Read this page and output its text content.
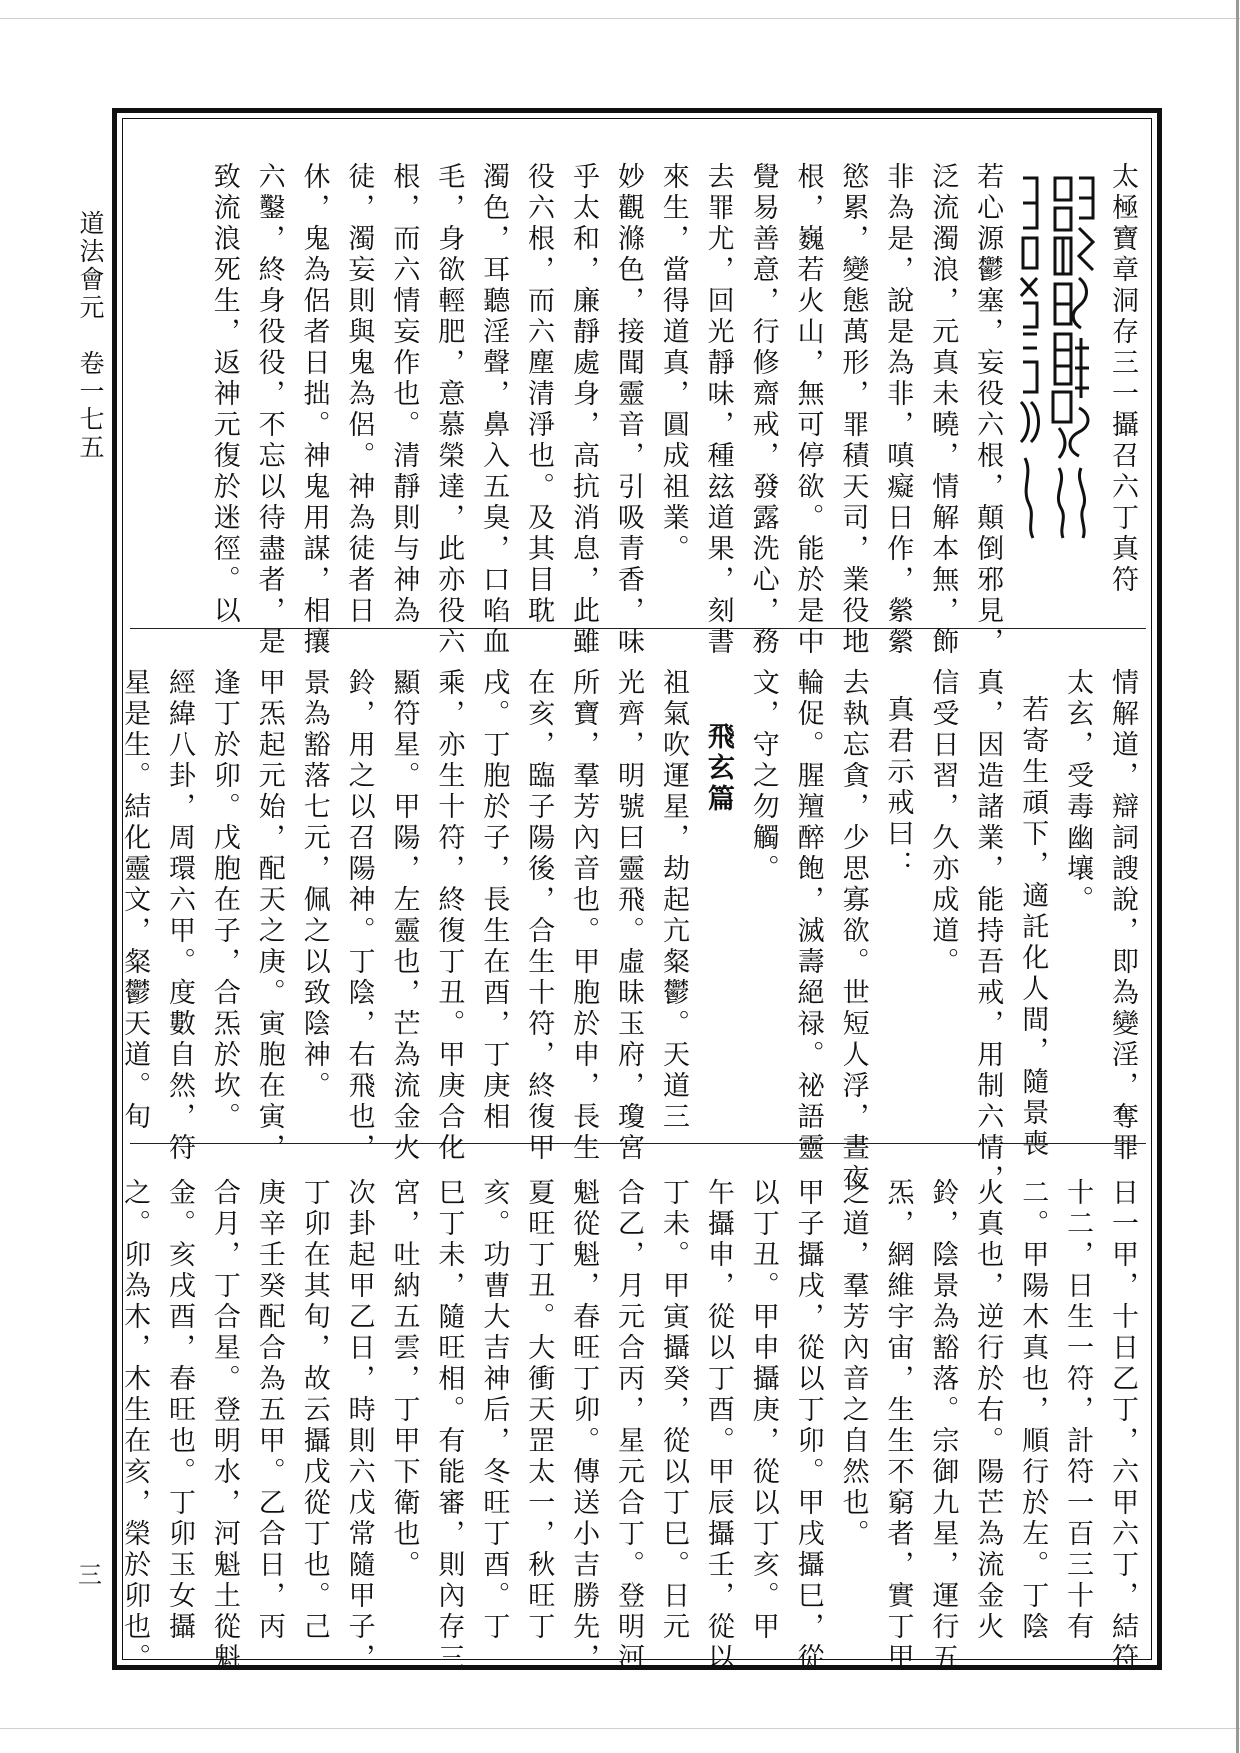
道法會元　卷一七五
三
太極寶章洞存三一攝召六丁真符
若心源鬱塞，妄役六根，顛倒邪見，
泛流濁浪，元真未曉，情解本無，飾
非為是，說是為非，嗔癡日作，縈縈
慾累，變態萬形，罪積天司，業役地
根，巍若火山，無可停欲。能於是中
覺易善意，行修齋戒，發露洗心，務
去罪尤，回光靜味，種玆道果，刻書
來生，當得道真，圓成祖業。
妙觀滌色，接聞靈音，引吸青香，味
乎太和，廉靜處身，高抗消息，此雖
役六根，而六塵清淨也。及其目耽
濁色，耳聽淫聲，鼻入五臭，口啗血
毛，身欲輕肥，意慕榮達，此亦役六
根，而六情妄作也。清靜則与神為
徒，濁妄則與鬼為侶。神為徒者日
休，鬼為侶者日拙。神鬼用謀，相攘
六鑿，終身役役，不忘以待盡者，是
致流浪死生，返神元復於迷徑。以
情解道，辯詞謏說，即為變淫，奪罪
太玄，受毒幽壤。
若寄生頑下，適託化人間，隨景喪
真，因造諸業，能持吾戒，用制六情，
信受日習，久亦成道。
真君示戒曰：
去執忘貪，少思寡欲。世短人浮，晝夜
輪促。腥羶醉飽，滅壽絕禄。祕語靈
文，守之勿觸。
飛玄篇
祖氣吹運星，劫起亢粲鬱。天道三
光齊，明號曰靈飛。虛昧玉府，瓊宮
所寶，羣芳內音也。甲胞於申，長生
在亥，臨子陽後，合生十符，終復甲
戌。丁胞於子，長生在酉，丁庚相
乘，亦生十符，終復丁丑。甲庚合化
顯符星。甲陽，左靈也，芒為流金火
鈴，用之以召陽神。丁陰，右飛也，
景為豁落七元，佩之以致陰神。
甲炁起元始，配天之庚。寅胞在寅，
逢丁於卯。戊胞在子，合炁於坎。
經緯八卦，周環六甲。度數自然，符
星是生。結化靈文，粲鬱天道。旬
日一甲，十日乙丁，六甲六丁，結符
十二，日生一符，計符一百三十有
二。甲陽木真也，順行於左。丁陰
火真也，逆行於右。陽芒為流金火
鈴，陰景為豁落。宗御九星，運行五
炁，網維宇宙，生生不窮者，實丁甲
之道，羣芳內音之自然也。
甲子攝戌，從以丁卯。甲戌攝巳，從
以丁丑。甲申攝庚，從以丁亥。甲
午攝申，從以丁酉。甲辰攝壬，從以
丁未。甲寅攝癸，從以丁巳。日元
合乙，月元合丙，星元合丁。登明河
魁從魁，春旺丁卯。傳送小吉勝先，
夏旺丁丑。大衝天罡太一，秋旺丁
亥。功曹大吉神后，冬旺丁酉。丁
巳丁未，隨旺相。有能審，則內存三
宮，吐納五雲，丁甲下衛也。
次卦起甲乙日，時則六戊常隨甲子，
丁卯在其旬，故云攝戊從丁也。己
庚辛壬癸配合為五甲。乙合日，丙
合月，丁合星。登明水，河魁土從魁
金。亥戌酉，春旺也。丁卯玉女攝
之。卯為木，木生在亥，榮於卯也。
